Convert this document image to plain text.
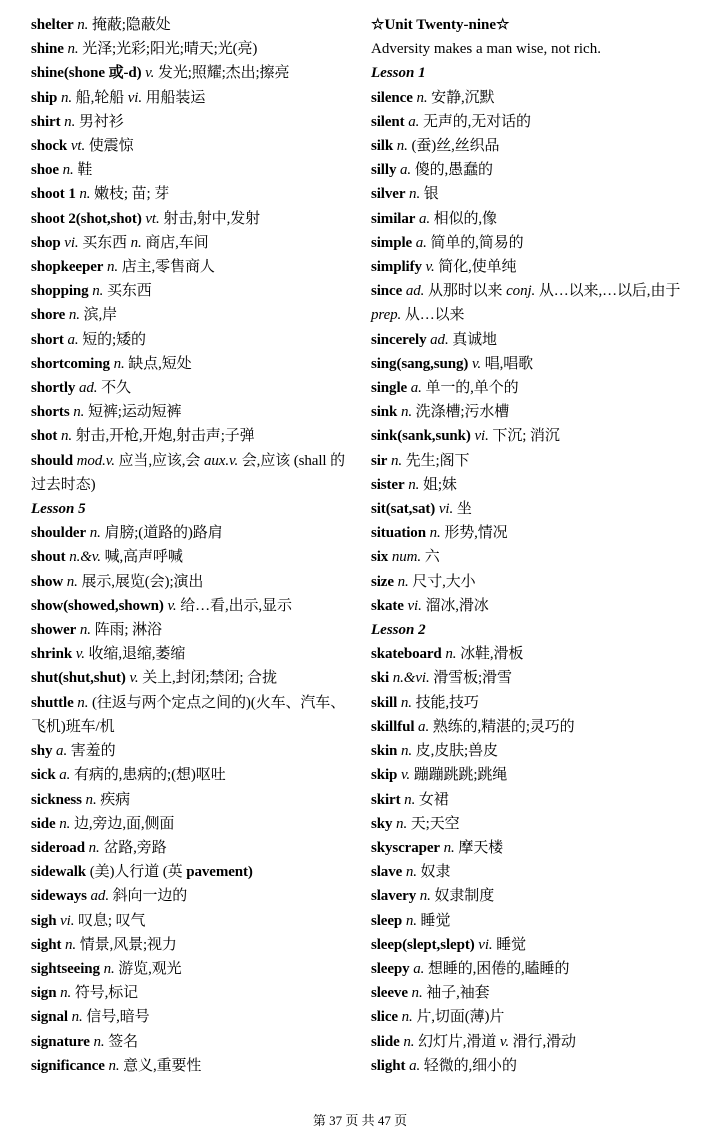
shelter n. 掩蔽;隐蔽处
shine n. 光泽;光彩;阳光;晴天;光(亮)
shine(shone 或-d) v. 发光;照耀;杰出;擦亮
ship n. 船,轮船 vi. 用船装运
shirt n. 男衬衫
shock vt. 使震惊
shoe n. 鞋
shoot 1 n. 嫩枝; 苗; 芽
shoot 2(shot,shot) vt. 射击,射中,发射
shop vi. 买东西 n. 商店,车间
shopkeeper n. 店主,零售商人
shopping n. 买东西
shore n. 滨,岸
short a. 短的;矮的
shortcoming n. 缺点,短处
shortly ad. 不久
shorts n. 短裤;运动短裤
shot n. 射击,开枪,开炮,射击声;子弹
should mod.v. 应当,应该,会 aux.v. 会,应该 (shall 的过去时态)
Lesson 5
shoulder n. 肩膀;(道路的)路肩
shout n.&v. 喊,高声呼喊
show n. 展示,展览(会);演出
show(showed,shown) v. 给…看,出示,显示
shower n. 阵雨; 淋浴
shrink v. 收缩,退缩,萎缩
shut(shut,shut) v. 关上,封闭;禁闭; 合拢
shuttle n. (往返与两个定点之间的)(火车、汽车、飞机)班车/机
shy a. 害羞的
sick a. 有病的,患病的;(想)呕吐
sickness n. 疾病
side n. 边,旁边,面,侧面
sideroad n. 岔路,旁路
sidewalk (美)人行道 (英 pavement)
sideways ad. 斜向一边的
sigh vi. 叹息; 叹气
sight n. 情景,风景;视力
sightseeing n. 游览,观光
sign n. 符号,标记
signal n. 信号,暗号
signature n. 签名
significance n. 意义,重要性
☆Unit Twenty-nine☆
Adversity makes a man wise, not rich.
Lesson 1
silence n. 安静,沉默
silent a. 无声的,无对话的
silk n. (蚕)丝,丝织品
silly a. 傻的,愚蠢的
silver n. 银
similar a. 相似的,像
simple a. 简单的,简易的
simplify v. 简化,使单纯
since ad. 从那时以来 conj. 从…以来,…以后,由于 prep. 从…以来
sincerely ad. 真诚地
sing(sang,sung) v. 唱,唱歌
single a. 单一的,单个的
sink n. 洗涤槽;污水槽
sink(sank,sunk) vi. 下沉; 消沉
sir n. 先生;阁下
sister n. 姐;妹
sit(sat,sat) vi. 坐
situation n. 形势,情况
six num. 六
size n. 尺寸,大小
skate vi. 溜冰,滑冰
Lesson 2
skateboard n. 冰鞋,滑板
ski n.&vi. 滑雪板;滑雪
skill n. 技能,技巧
skillful a. 熟练的,精湛的;灵巧的
skin n. 皮,皮肤;兽皮
skip v. 蹦蹦跳跳;跳绳
skirt n. 女裙
sky n. 天;天空
skyscraper n. 摩天楼
slave n. 奴隶
slavery n. 奴隶制度
sleep n. 睡觉
sleep(slept,slept) vi. 睡觉
sleepy a. 想睡的,困倦的,瞌睡的
sleeve n. 袖子,袖套
slice n. 片,切面(薄)片
slide n. 幻灯片,滑道 v. 滑行,滑动
slight a. 轻微的,细小的
第 37 页 共 47 页
